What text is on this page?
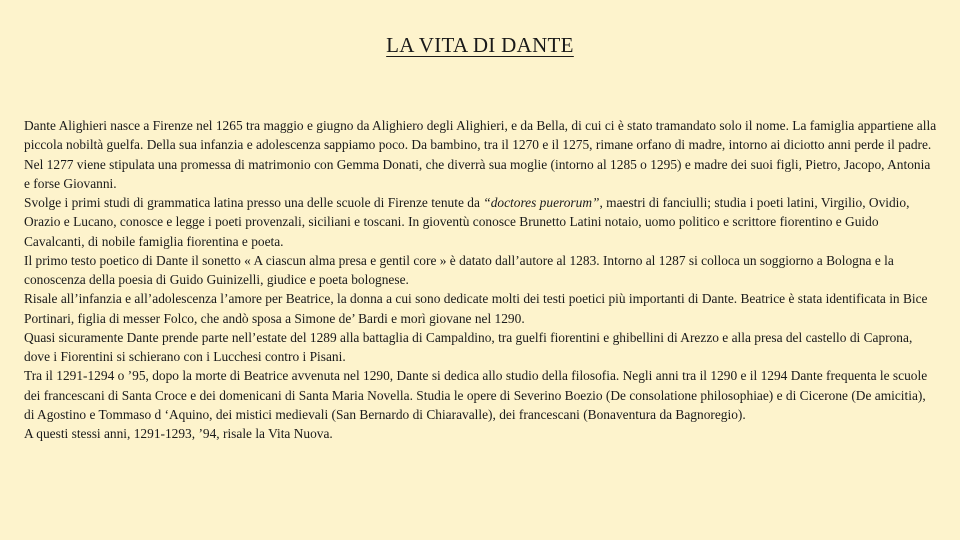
LA VITA DI DANTE

Dante Alighieri nasce a Firenze nel 1265 tra maggio e giugno da Alighiero degli Alighieri, e da Bella, di cui ci è stato tramandato solo il nome. La famiglia appartiene alla piccola nobiltà guelfa. Della sua infanzia e adolescenza sappiamo poco. Da bambino, tra il 1270 e il 1275, rimane orfano di madre, intorno ai diciotto anni perde il padre. Nel 1277 viene stipulata una promessa di matrimonio con Gemma Donati, che diverrà sua moglie (intorno al 1285 o 1295) e madre dei suoi figli, Pietro, Jacopo, Antonia e forse Giovanni.

Svolge i primi studi di grammatica latina presso una delle scuole di Firenze tenute da “doctores puerorum”, maestri di fanciulli; studia i poeti latini, Virgilio, Ovidio, Orazio e Lucano, conosce e legge i poeti provenzali, siciliani e toscani. In gioventù conosce Brunetto Latini notaio, uomo politico e scrittore fiorentino e Guido Cavalcanti, di nobile famiglia fiorentina e poeta.

Il primo testo poetico di Dante il sonetto « A ciascun alma presa e gentil core » è datato dall’autore al 1283. Intorno al 1287 si colloca un soggiorno a Bologna e la conoscenza della poesia di Guido Guinizelli, giudice e poeta bolognese.

Risale all’infanzia e all’adolescenza l’amore per Beatrice, la donna a cui sono dedicate molti dei testi poetici più importanti di Dante. Beatrice è stata identificata in Bice Portinari, figlia di messer Folco, che andò sposa a Simone de’ Bardi e morì giovane nel 1290.

Quasi sicuramente Dante prende parte nell’estate del 1289 alla battaglia di Campaldino, tra guelfi fiorentini e ghibellini di Arezzo e alla presa del castello di Caprona, dove i Fiorentini si schierano con i Lucchesi contro i Pisani.

Tra il 1291-1294 o ’95, dopo la morte di Beatrice avvenuta nel 1290, Dante si dedica allo studio della filosofia. Negli anni tra il 1290 e il 1294 Dante frequenta le scuole dei francescani di Santa Croce e dei domenicani di Santa Maria Novella. Studia le opere di Severino Boezio (De consolatione philosophiae) e di Cicerone (De amicitia), di Agostino e Tommaso d ‘Aquino, dei mistici medievali (San Bernardo di Chiaravalle), dei francescani (Bonaventura da Bagnoregio).

A questi stessi anni, 1291-1293, ’94, risale la Vita Nuova.
